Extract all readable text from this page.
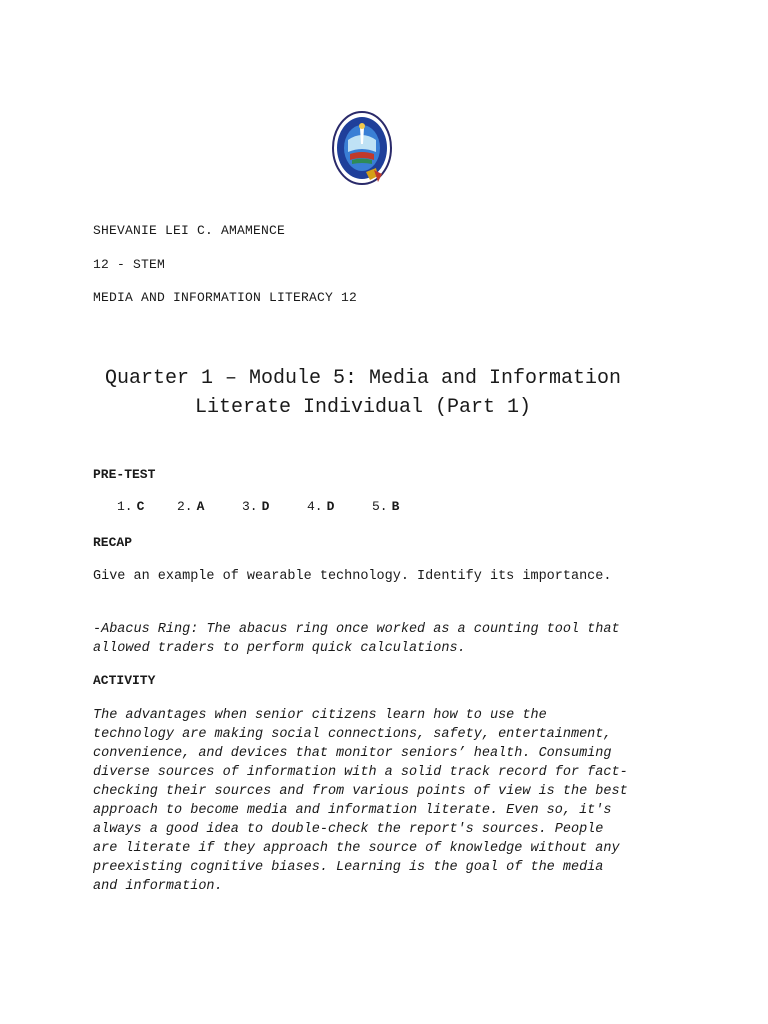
SHEVANIE LEI C. AMAMENCE
12 - STEM
MEDIA AND INFORMATION LITERACY 12
Quarter 1 – Module 5: Media and Information Literate Individual (Part 1)
PRE-TEST
1. C	2. A	3. D	4. D	5. B
RECAP

Give an example of wearable technology. Identify its importance.

-Abacus Ring: The abacus ring once worked as a counting tool that allowed traders to perform quick calculations.

ACTIVITY

The advantages when senior citizens learn how to use the technology are making social connections, safety, entertainment, convenience, and devices that monitor seniors’ health. Consuming diverse sources of information with a solid track record for fact-checking their sources and from various points of view is the best approach to become media and information literate. Even so, it's always a good idea to double-check the report's sources. People are literate if they approach the source of knowledge without any preexisting cognitive biases. Learning is the goal of the media and information.
